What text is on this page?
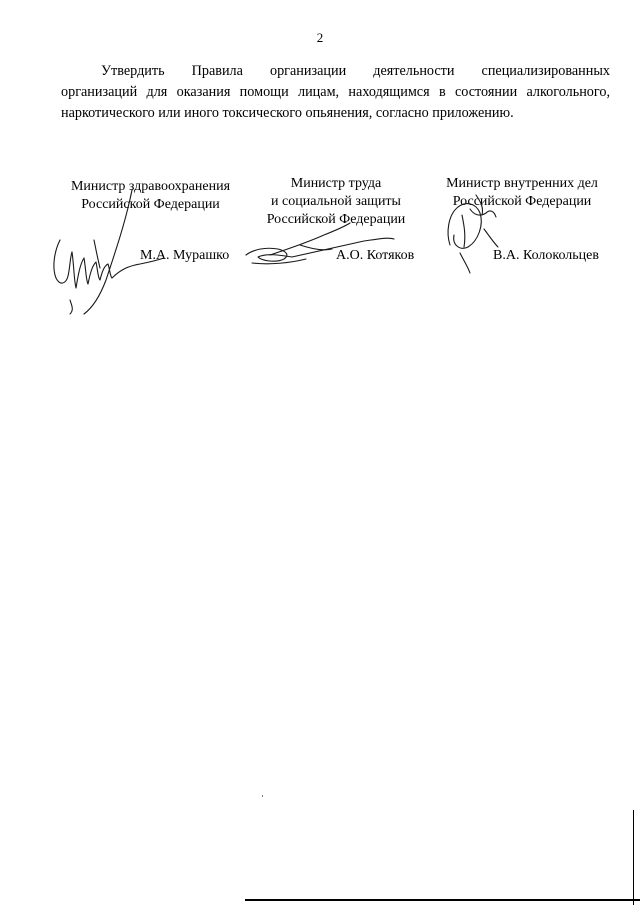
2
Утвердить Правила организации деятельности специализированных
организаций для оказания помощи лицам, находящимся в состоянии алкогольного,
наркотического или иного токсического опьянения, согласно приложению.
Министр здравоохранения
Российской Федерации
М.А. Мурашко
Министр труда
и социальной защиты
Российской Федерации
А.О. Котяков
Министр внутренних дел
Российской Федерации
В.А. Колокольцев
